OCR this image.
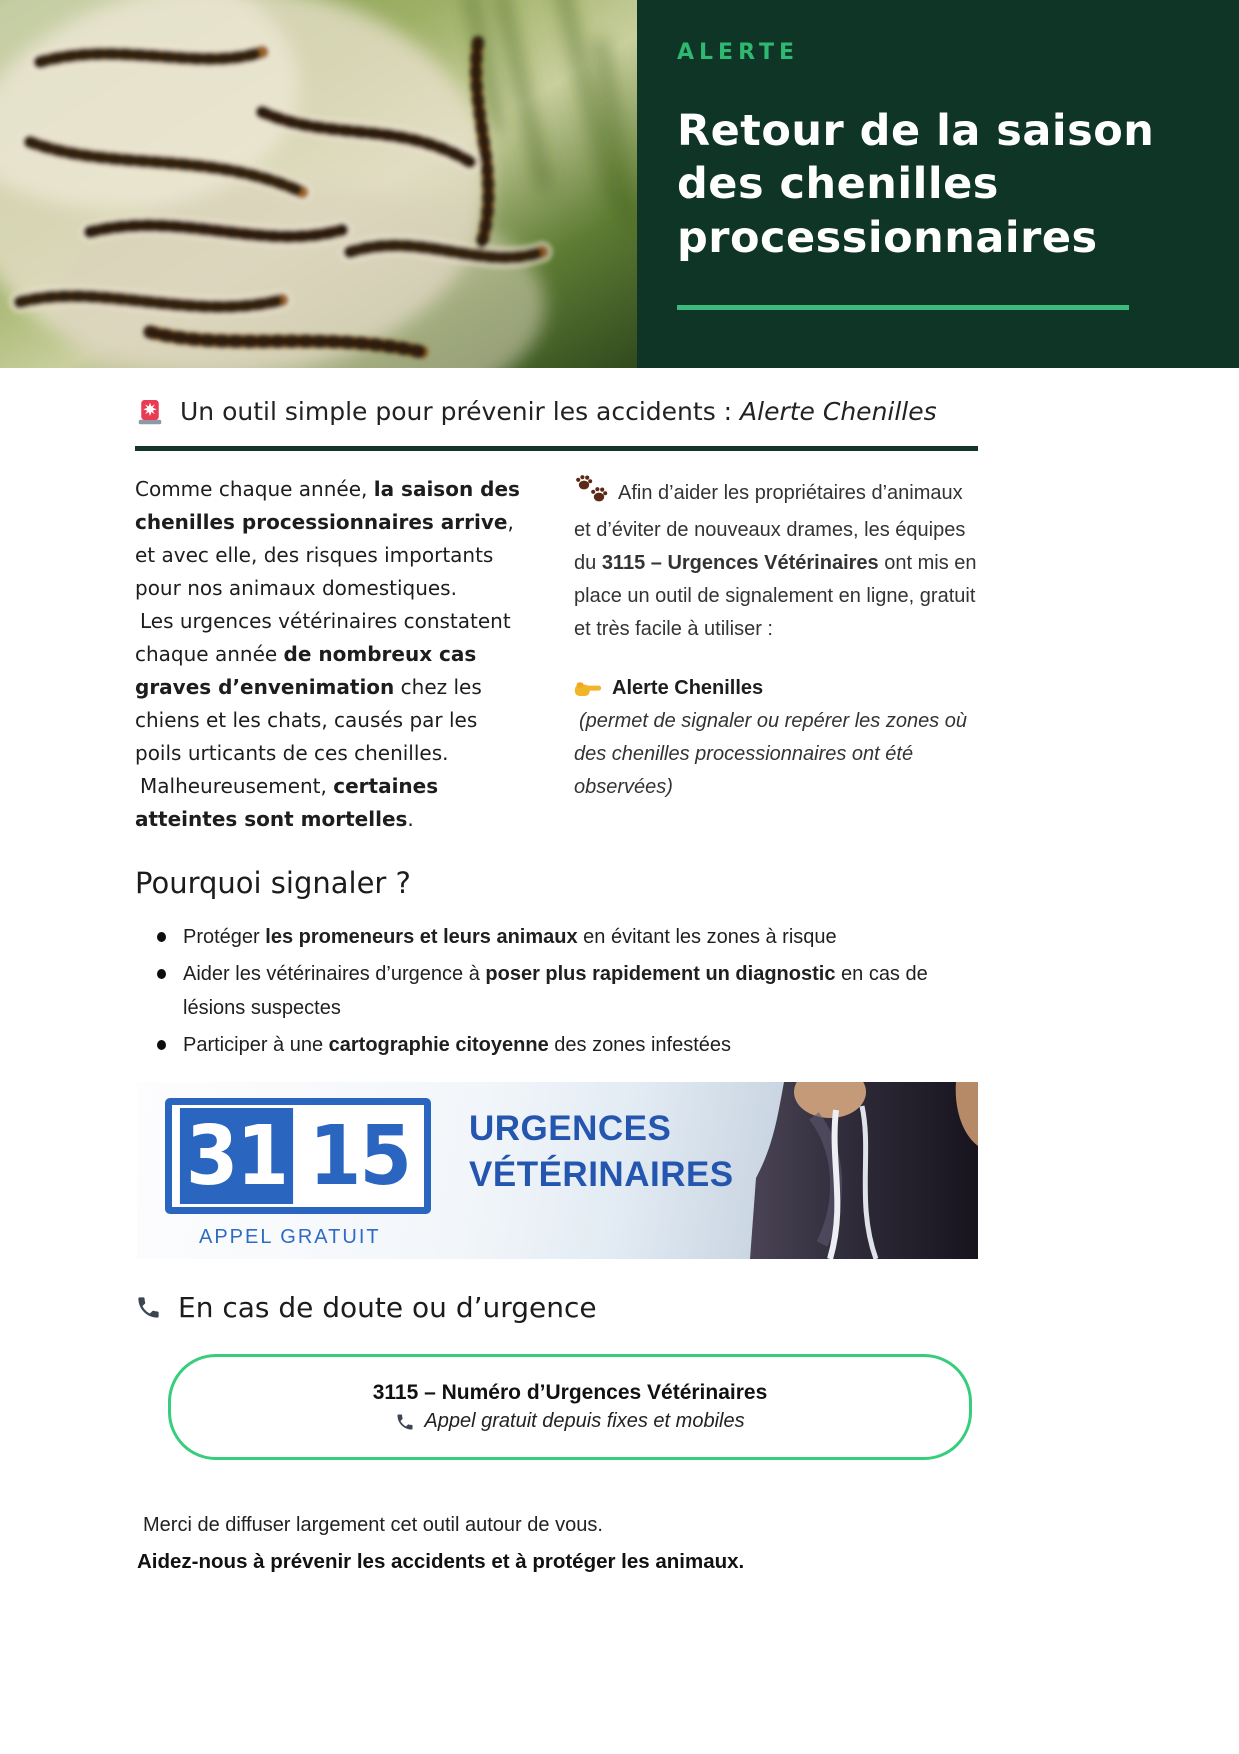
ALERTE
Retour de la saison
des chenilles
processionnaires
Un outil simple pour prévenir les accidents : Alerte Chenilles

Comme chaque année, la saison des chenilles processionnaires arrive, et avec elle, des risques importants pour nos animaux domestiques.

Les urgences vétérinaires constatent chaque année de nombreux cas graves d’envenimation chez les chiens et les chats, causés par les poils urticants de ces chenilles.

Malheureusement, certaines atteintes sont mortelles.

Afin d’aider les propriétaires d’animaux et d’éviter de nouveaux drames, les équipes du 3115 – Urgences Vétérinaires ont mis en place un outil de signalement en ligne, gratuit et très facile à utiliser :

Alerte Chenilles

(permet de signaler ou repérer les zones où des chenilles processionnaires ont été observées)

Pourquoi signaler ?
Protéger les promeneurs et leurs animaux en évitant les zones à risque
Aider les vétérinaires d’urgence à poser plus rapidement un diagnostic en cas de lésions suspectes
Participer à une cartographie citoyenne des zones infestées
31 15
APPEL GRATUIT
URGENCES
VÉTÉRINAIRES
En cas de doute ou d’urgence
3115 – Numéro d’Urgences Vétérinaires
Appel gratuit depuis fixes et mobiles
Merci de diffuser largement cet outil autour de vous.
Aidez-nous à prévenir les accidents et à protéger les animaux.
